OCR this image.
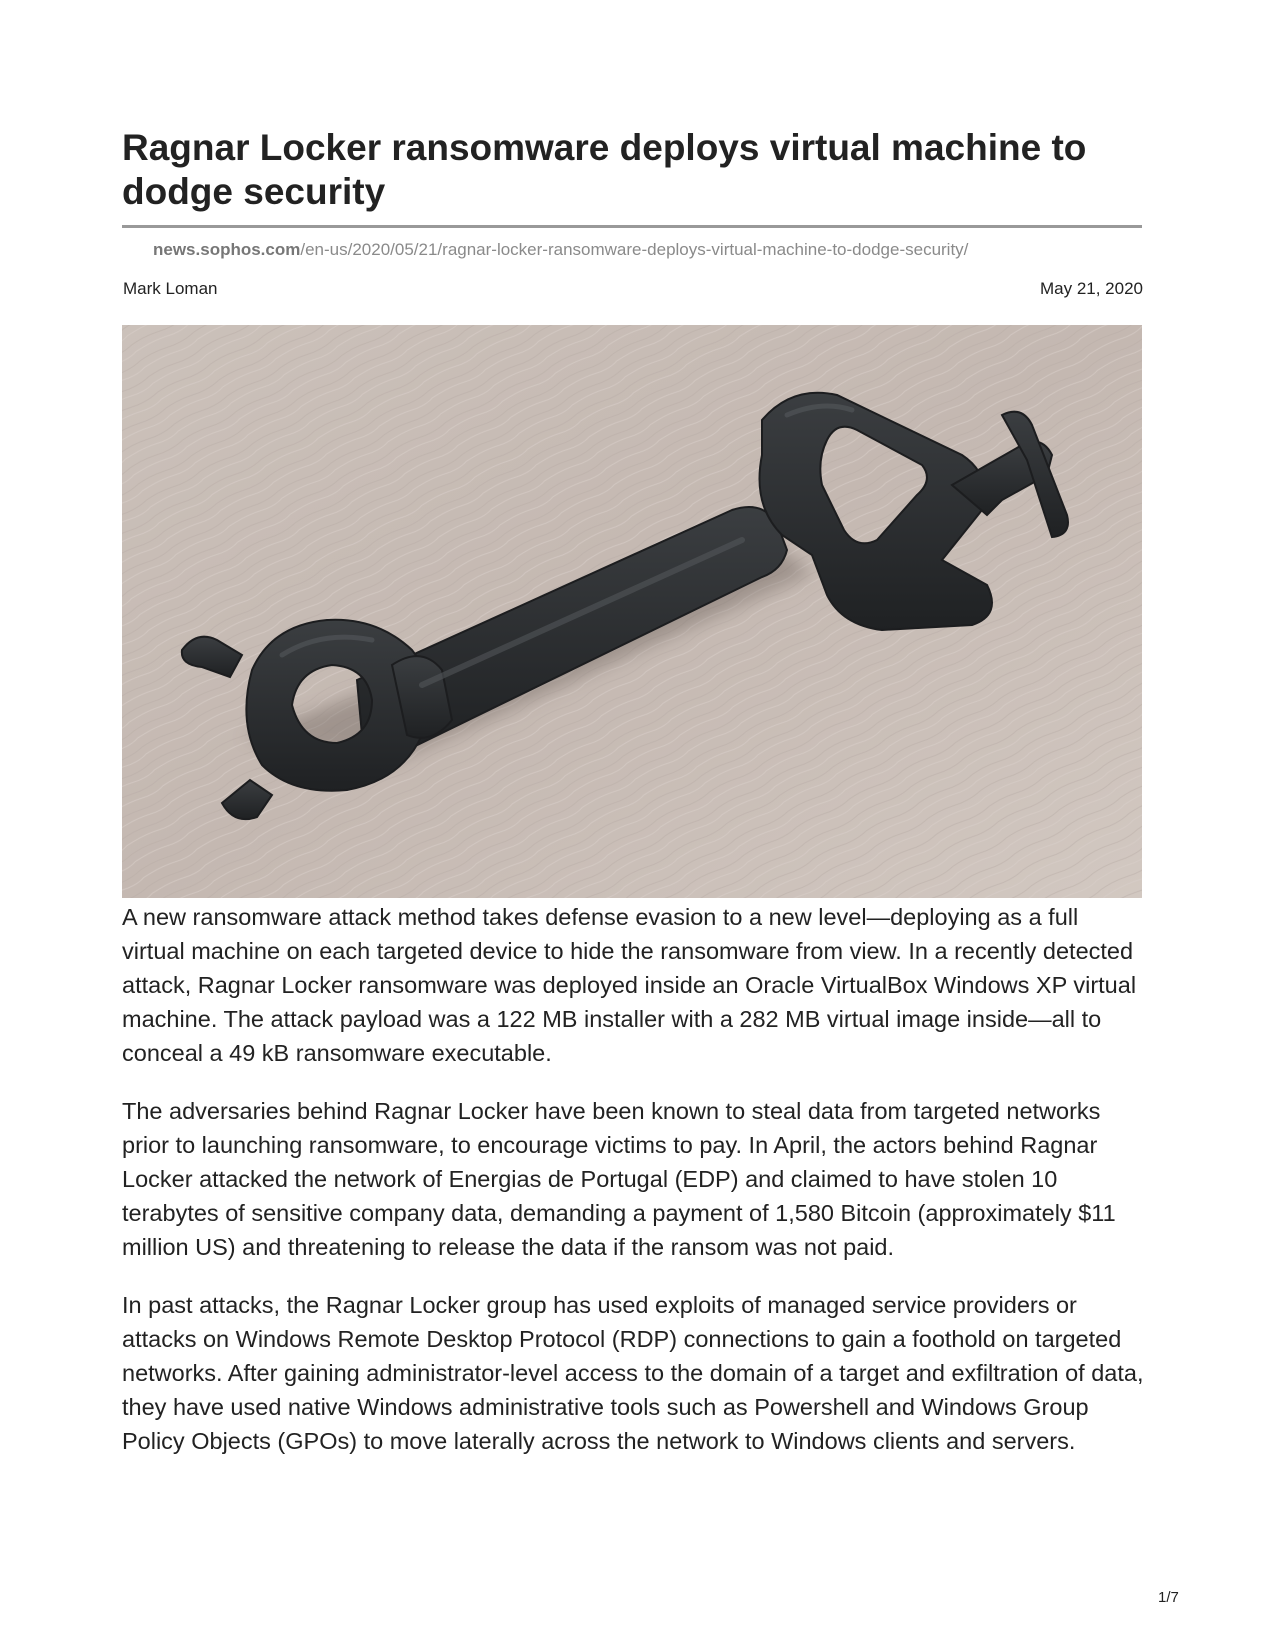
Ragnar Locker ransomware deploys virtual machine to dodge security
news.sophos.com/en-us/2020/05/21/ragnar-locker-ransomware-deploys-virtual-machine-to-dodge-security/
Mark Loman	May 21, 2020

A new ransomware attack method takes defense evasion to a new level—deploying as a full virtual machine on each targeted device to hide the ransomware from view. In a recently detected attack, Ragnar Locker ransomware was deployed inside an Oracle VirtualBox Windows XP virtual machine. The attack payload was a 122 MB installer with a 282 MB virtual image inside—all to conceal a 49 kB ransomware executable.

The adversaries behind Ragnar Locker have been known to steal data from targeted networks prior to launching ransomware, to encourage victims to pay. In April, the actors behind Ragnar Locker attacked the network of Energias de Portugal (EDP) and claimed to have stolen 10 terabytes of sensitive company data, demanding a payment of 1,580 Bitcoin (approximately $11 million US) and threatening to release the data if the ransom was not paid.

In past attacks, the Ragnar Locker group has used exploits of managed service providers or attacks on Windows Remote Desktop Protocol (RDP) connections to gain a foothold on targeted networks. After gaining administrator-level access to the domain of a target and exfiltration of data, they have used native Windows administrative tools such as Powershell and Windows Group Policy Objects (GPOs) to move laterally across the network to Windows clients and servers.

1/7
